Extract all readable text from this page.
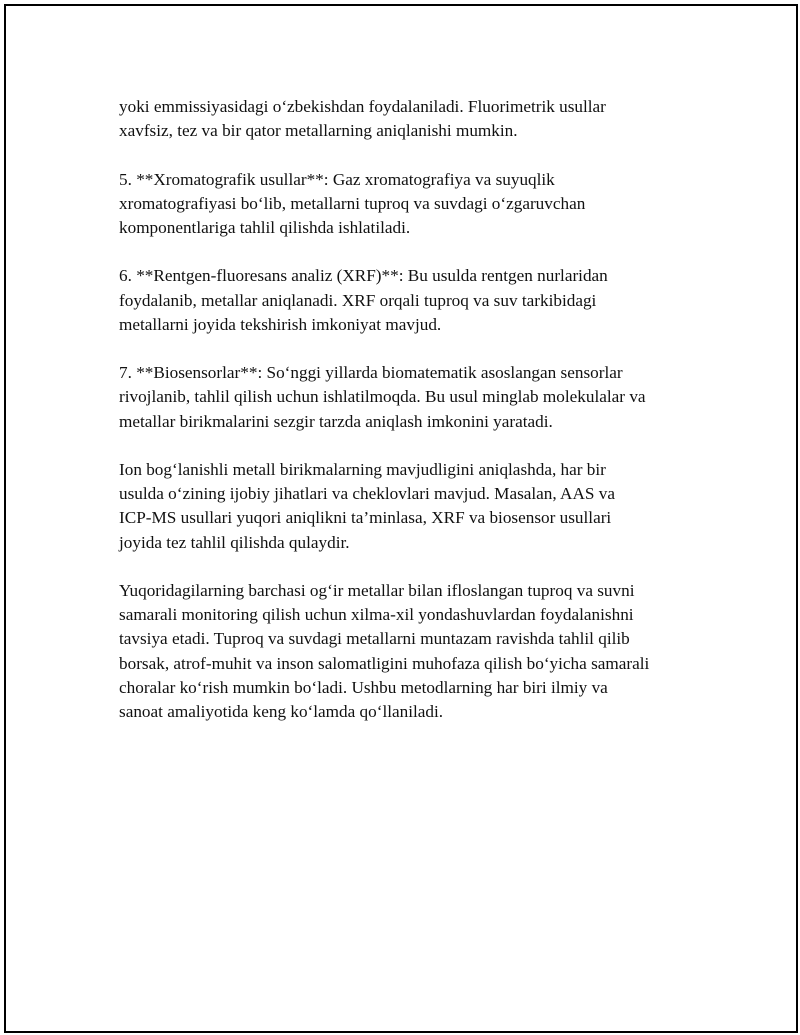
yoki emmissiyasidagi o‘zbekishdan foydalaniladi. Fluorimetrik usullar
xavfsiz, tez va bir qator metallarning aniqlanishi mumkin.

5. **Xromatografik usullar**: Gaz xromatografiya va suyuqlik
xromatografiyasi bo‘lib, metallarni tuproq va suvdagi o‘zgaruvchan
komponentlariga tahlil qilishda ishlatiladi.

6. **Rentgen-fluoresans analiz (XRF)**: Bu usulda rentgen nurlaridan
foydalanib, metallar aniqlanadi. XRF orqali tuproq va suv tarkibidagi
metallarni joyida tekshirish imkoniyat mavjud.

7. **Biosensorlar**: So‘nggi yillarda biomatematik asoslangan sensorlar
rivojlanib, tahlil qilish uchun ishlatilmoqda. Bu usul minglab molekulalar va
metallar birikmalarini sezgir tarzda aniqlash imkonini yaratadi.

Ion bog‘lanishli metall birikmalarning mavjudligini aniqlashda, har bir
usulda o‘zining ijobiy jihatlari va cheklovlari mavjud. Masalan, AAS va
ICP-MS usullari yuqori aniqlikni ta’minlasa, XRF va biosensor usullari
joyida tez tahlil qilishda qulaydir.

Yuqoridagilarning barchasi og‘ir metallar bilan ifloslangan tuproq va suvni
samarali monitoring qilish uchun xilma-xil yondashuvlardan foydalanishni
tavsiya etadi. Tuproq va suvdagi metallarni muntazam ravishda tahlil qilib
borsak, atrof-muhit va inson salomatligini muhofaza qilish bo‘yicha samarali
choralar ko‘rish mumkin bo‘ladi. Ushbu metodlarning har biri ilmiy va
sanoat amaliyotida keng ko‘lamda qo‘llaniladi.
